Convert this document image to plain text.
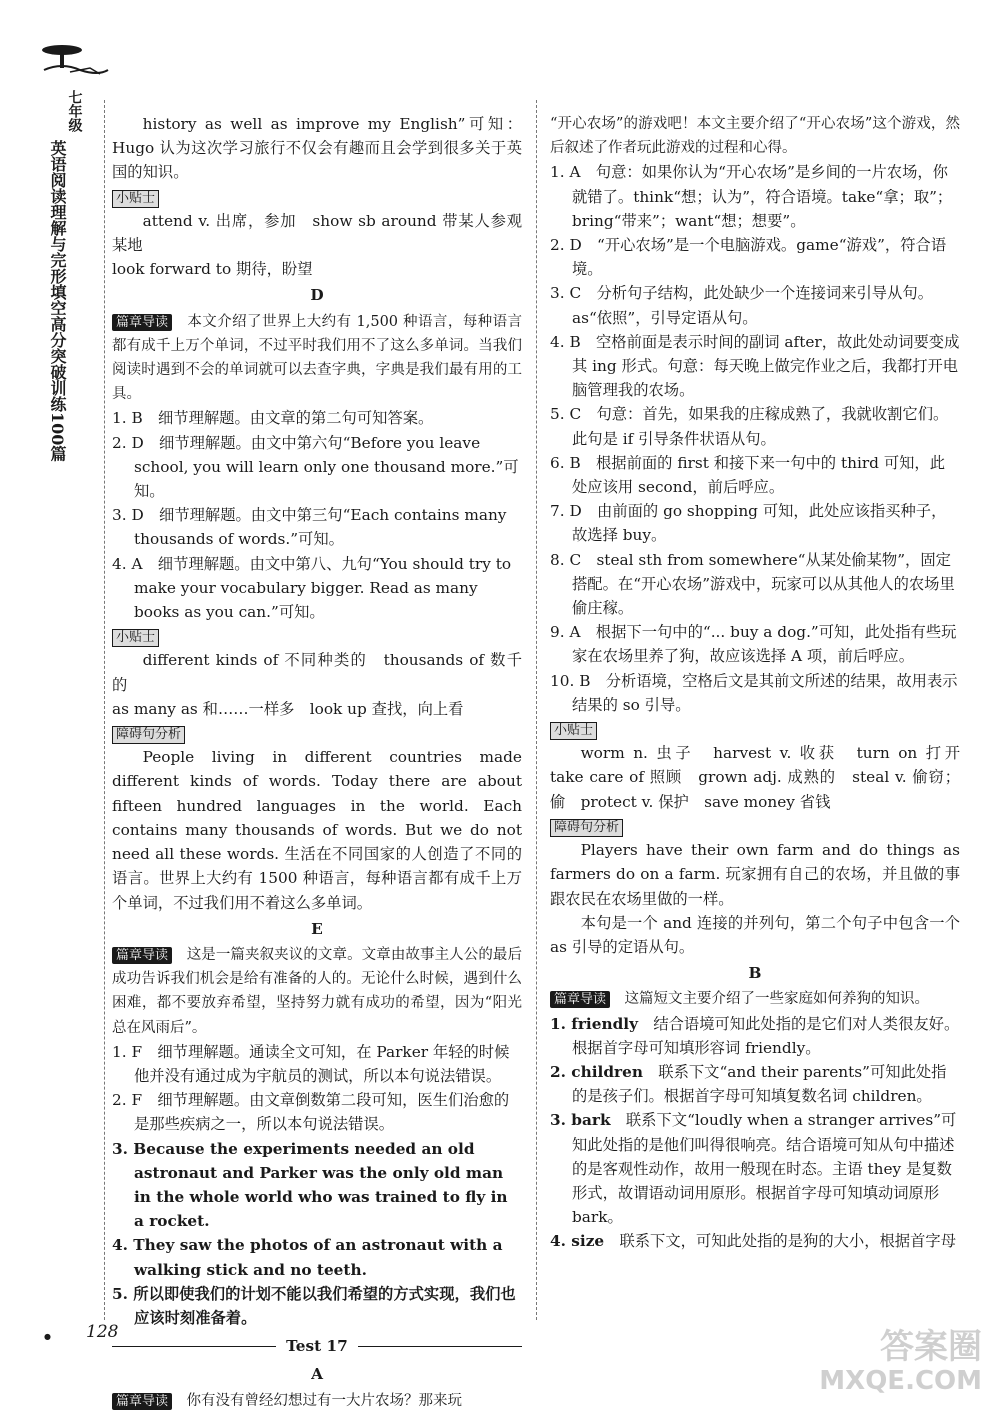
七年级
英语阅读理解与完形填空高分突破训练100篇

history as well as improve my English”可知：Hugo 认为这次学习旅行不仅会有趣而且会学到很多关于英国的知识。

小贴士

attend v. 出席，参加　show sb around 带某人参观某地

look forward to 期待，盼望

D

篇章导读　 本文介绍了世界上大约有 1,500 种语言，每种语言都有成千上万个单词，不过平时我们用不了这么多单词。当我们阅读时遇到不会的单词就可以去查字典，字典是我们最有用的工具。

1. B　细节理解题。由文章的第二句可知答案。

2. D　细节理解题。由文中第六句“Before you leave school, you will learn only one thousand more.”可知。

3. D　细节理解题。由文中第三句“Each contains many thousands of words.”可知。

4. A　细节理解题。由文中第八、九句“You should try to make your vocabulary bigger. Read as many books as you can.”可知。

小贴士

different kinds of 不同种类的　thousands of 数千的

as many as 和……一样多　look up 查找，向上看

障碍句分析

People living in different countries made different kinds of words. Today there are about fifteen hundred languages in the world. Each contains many thousands of words. But we do not need all these words. 生活在不同国家的人创造了不同的语言。世界上大约有 1500 种语言，每种语言都有成千上万个单词，不过我们用不着这么多单词。

E

篇章导读　 这是一篇夹叙夹议的文章。文章由故事主人公的最后成功告诉我们机会是给有准备的人的。无论什么时候，遇到什么困难，都不要放弃希望，坚持努力就有成功的希望，因为“阳光总在风雨后”。

1. F　细节理解题。通读全文可知，在 Parker 年轻的时候他并没有通过成为宇航员的测试，所以本句说法错误。

2. F　细节理解题。由文章倒数第二段可知，医生们治愈的是那些疾病之一，所以本句说法错误。

3. Because the experiments needed an old astronaut and Parker was the only old man in the whole world who was trained to fly in a rocket.

4. They saw the photos of an astronaut with a walking stick and no teeth.

5. 所以即使我们的计划不能以我们希望的方式实现，我们也应该时刻准备着。

Test 17
A

篇章导读　 你有没有曾经幻想过有一大片农场？那来玩

“开心农场”的游戏吧！本文主要介绍了“开心农场”这个游戏，然后叙述了作者玩此游戏的过程和心得。

1. A　句意：如果你认为“开心农场”是乡间的一片农场，你就错了。think“想；认为”，符合语境。take“拿；取”；bring“带来”；want“想；想要”。

2. D　“开心农场”是一个电脑游戏。game“游戏”，符合语境。

3. C　分析句子结构，此处缺少一个连接词来引导从句。as“依照”，引导定语从句。

4. B　空格前面是表示时间的副词 after，故此处动词要变成其 ing 形式。句意：每天晚上做完作业之后，我都打开电脑管理我的农场。

5. C　句意：首先，如果我的庄稼成熟了，我就收割它们。此句是 if 引导条件状语从句。

6. B　根据前面的 first 和接下来一句中的 third 可知，此处应该用 second，前后呼应。

7. D　由前面的 go shopping 可知，此处应该指买种子，故选择 buy。

8. C　steal sth from somewhere“从某处偷某物”，固定搭配。在“开心农场”游戏中，玩家可以从其他人的农场里偷庄稼。

9. A　根据下一句中的“... buy a dog.”可知，此处指有些玩家在农场里养了狗，故应该选择 A 项，前后呼应。

10. B　分析语境，空格后文是其前文所述的结果，故用表示结果的 so 引导。

小贴士

worm n. 虫子　harvest v. 收获　turn on 打开　take care of 照顾　grown adj. 成熟的　steal v. 偷窃；偷　protect v. 保护　save money 省钱

障碍句分析

Players have their own farm and do things as farmers do on a farm. 玩家拥有自己的农场，并且做的事跟农民在农场里做的一样。

本句是一个 and 连接的并列句，第二个句子中包含一个 as 引导的定语从句。

B

篇章导读　 这篇短文主要介绍了一些家庭如何养狗的知识。

1. friendly　 结合语境可知此处指的是它们对人类很友好。根据首字母可知填形容词 friendly。

2. children　 联系下文“and their parents”可知此处指的是孩子们。根据首字母可知填复数名词 children。

3. bark　 联系下文“loudly when a stranger arrives”可知此处指的是他们叫得很响亮。结合语境可知从句中描述的是客观性动作，故用一般现在时态。主语 they 是复数形式，故谓语动词用原形。根据首字母可知填动词原形 bark。

4. size　 联系下文，可知此处指的是狗的大小，根据首字母

● 128	答案圈
MXQE.COM
